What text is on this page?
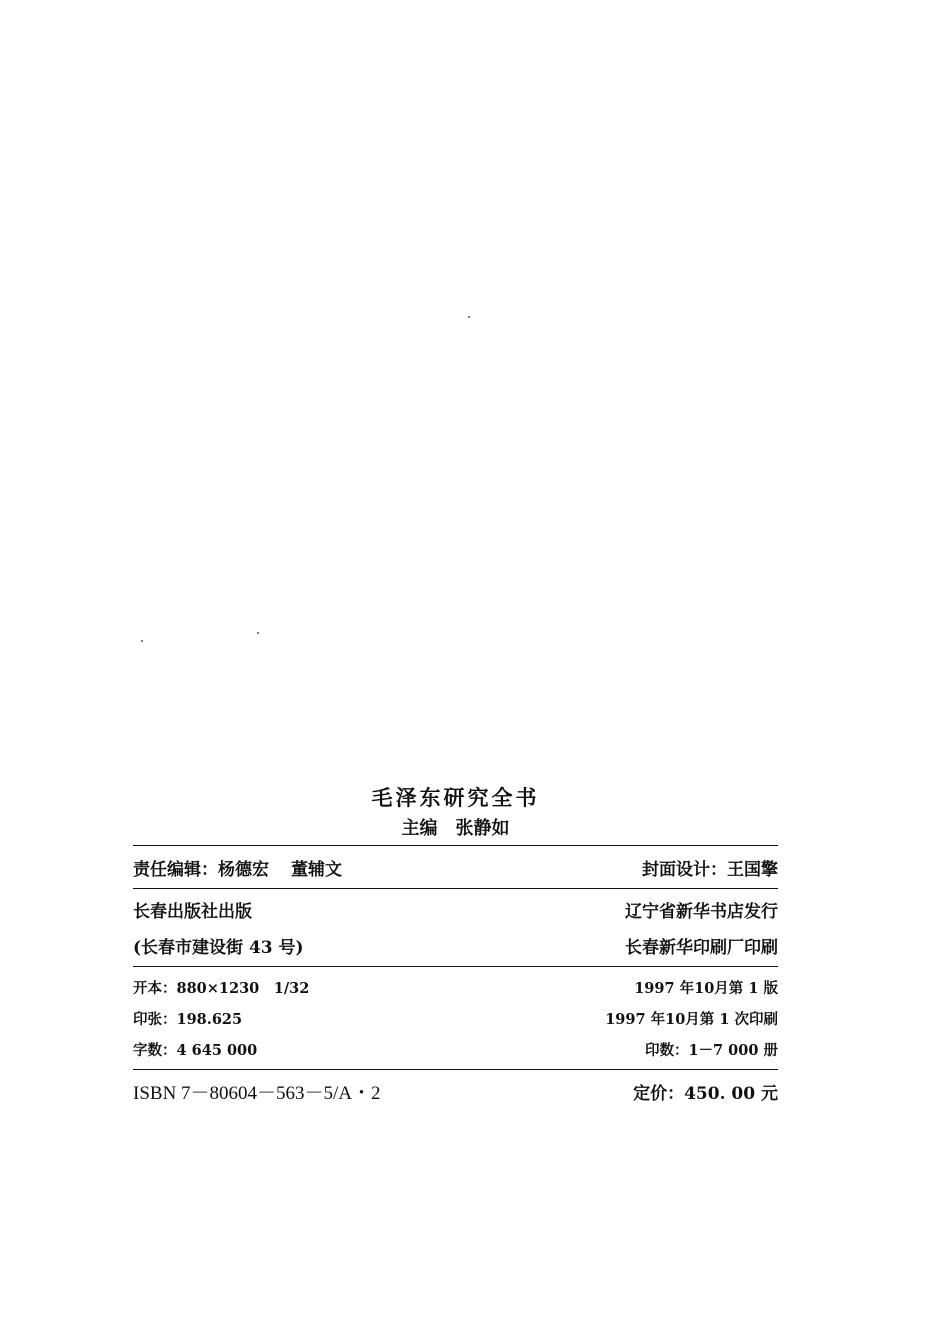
毛泽东研究全书
主编 张静如
责任编辑：杨德宏 董辅文	封面设计：王国擎
长春出版社出版	辽宁省新华书店发行
(长春市建设街 43 号)	长春新华印刷厂印刷
开本：880×1230　1/32	1997 年10月第 1 版
印张：198.625	1997 年10月第 1 次印刷
字数：4 645 000	印数：1－7 000 册
ISBN 7－80604－563－5/A・2	定价：450. 00 元
